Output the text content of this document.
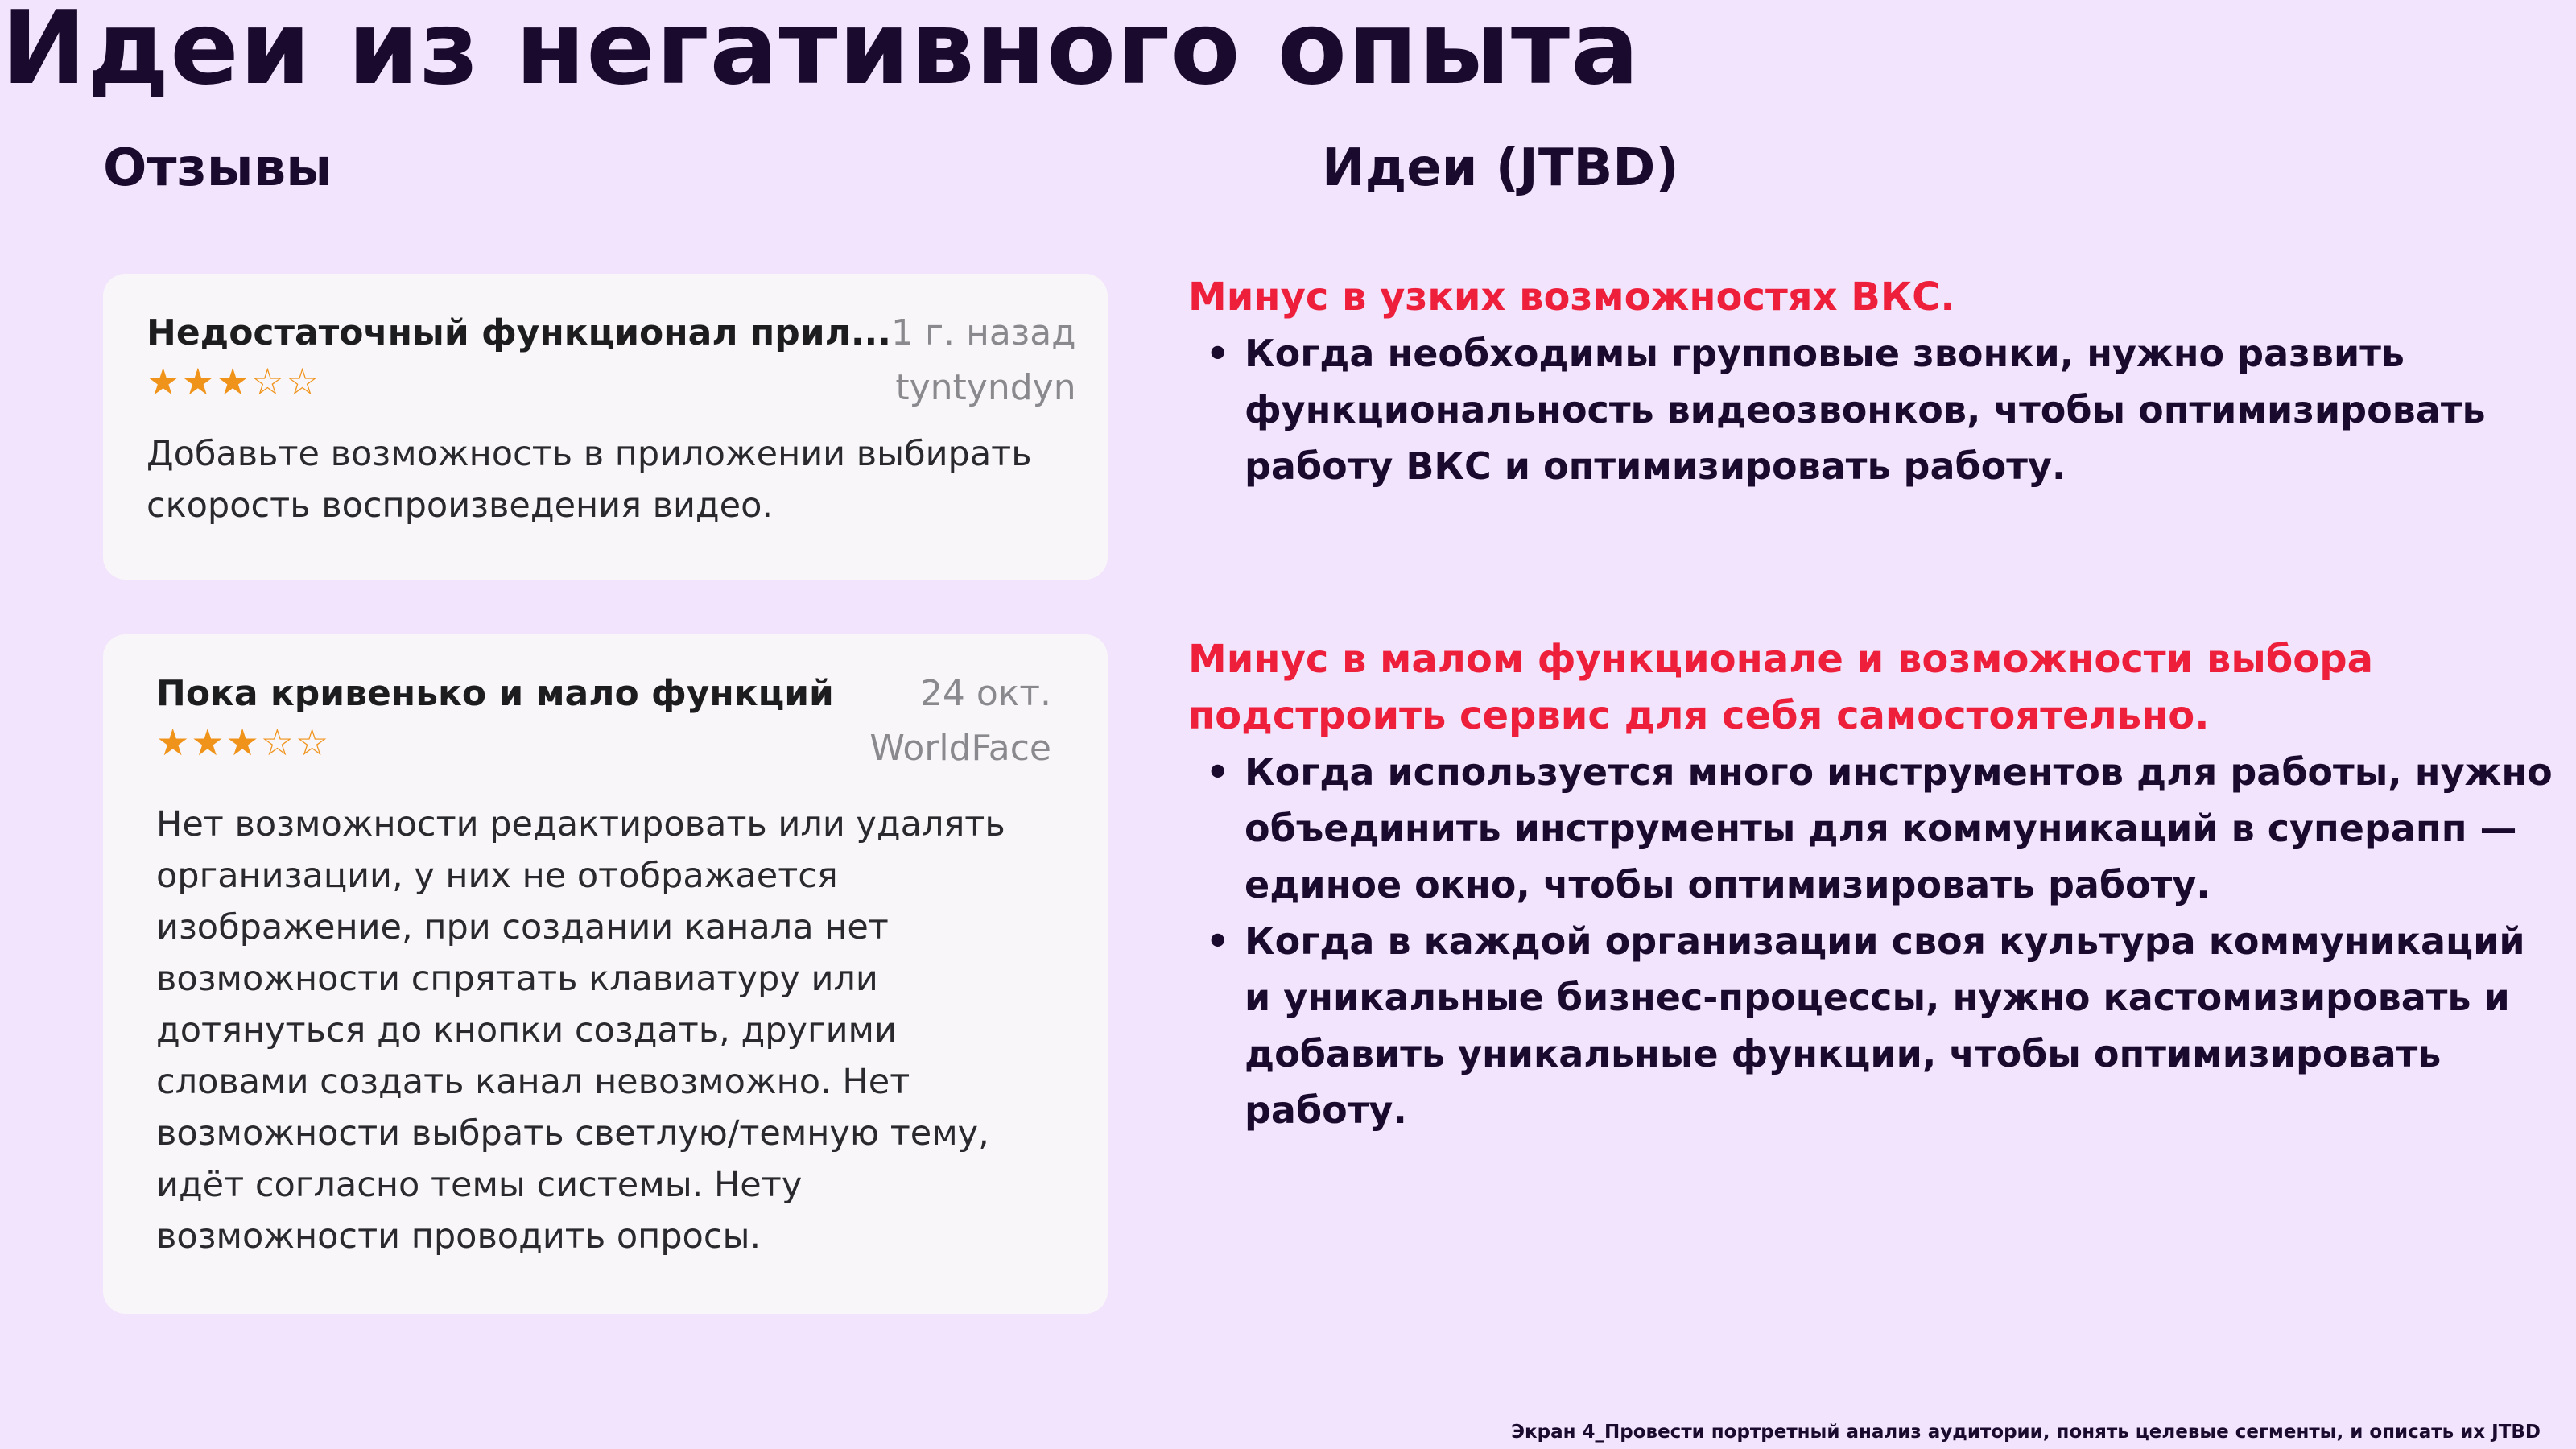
Идеи из негативного опыта
Отзывы	Идеи (JTBD)
Недостаточный функционал прил... 1 г. назад
tyntyndyn
★★★☆☆
Добавьте возможность в приложении выбирать скорость воспроизведения видео.
Пока кривенько и мало функций	24 окт.
WorldFace
★★★☆☆
Нет возможности редактировать или удалять организации, у них не отображается изображение, при создании канала нет возможности спрятать клавиатуру или дотянуться до кнопки создать, другими словами создать канал невозможно. Нет возможности выбрать светлую/темную тему, идёт согласно темы системы. Нету возможности проводить опросы.

Минус в узких возможностях ВКС.

• Когда необходимы групповые звонки, нужно развить функциональность видеозвонков, чтобы оптимизировать работу ВКС и оптимизировать работу.

Минус в малом функционале и возможности выбора подстроить сервис для себя самостоятельно.

• Когда используется много инструментов для работы, нужно объединить инструменты для коммуникаций в суперапп — единое окно, чтобы оптимизировать работу.
• Когда в каждой организации своя культура коммуникаций и уникальные бизнес-процессы, нужно кастомизировать и добавить уникальные функции, чтобы оптимизировать работу.
Экран 4_Провести портретный анализ аудитории, понять целевые сегменты, и описать их JTBD
